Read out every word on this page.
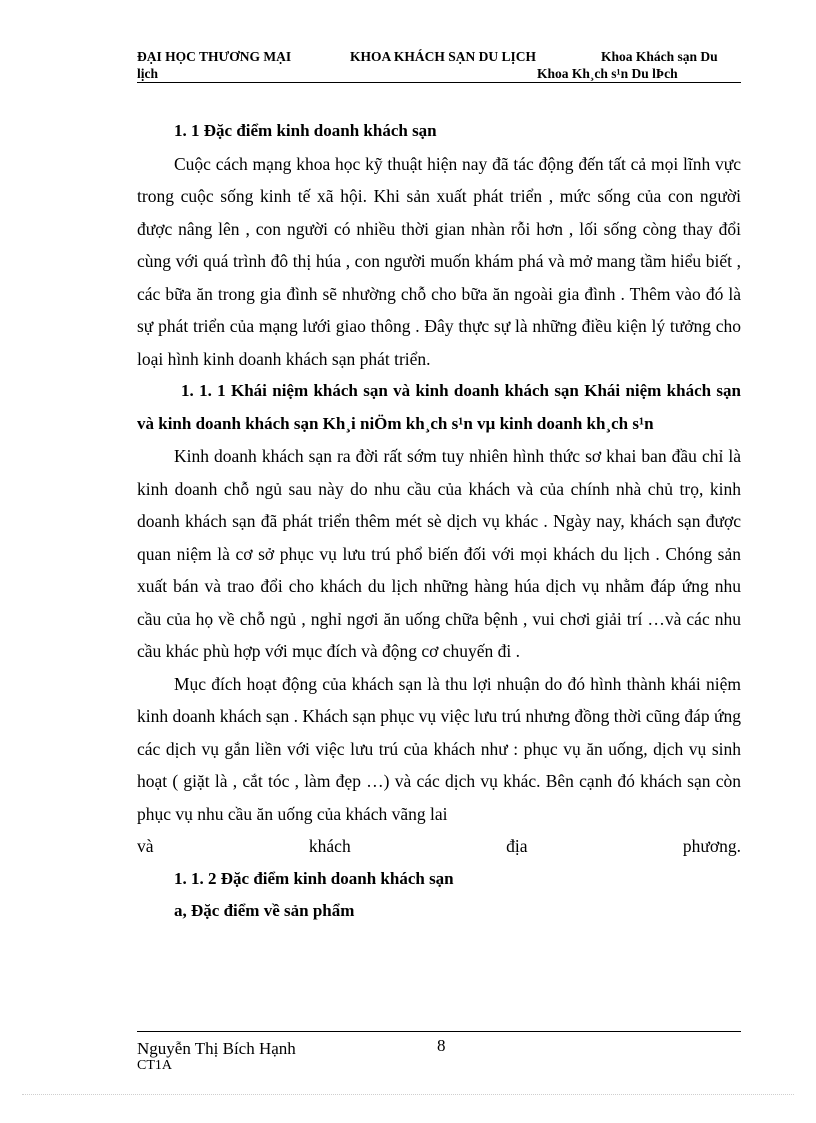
ĐẠI HỌC THƯƠNG MẠI	KHOA KHÁCH SẠN DU LỊCH	Khoa Khách sạn Du
lịch	Khoa Kh¸ch s¹n Du lÞch

1. 1 Đặc điểm kinh doanh khách sạn

Cuộc cách mạng khoa học kỹ thuật hiện nay đã tác động đến tất cả mọi lĩnh vực trong cuộc sống kinh tế xã hội. Khi sản xuất phát triển , mức sống của con người được nâng lên , con người có nhiều thời gian nhàn rỗi hơn , lối sống còng thay đổi cùng với quá trình đô thị húa , con người muốn khám phá và mở mang tầm hiểu biết , các bữa ăn trong gia đình sẽ nhường chỗ cho bữa ăn ngoài gia đình . Thêm vào đó là sự phát triển của mạng lưới giao thông . Đây thực sự là những điều kiện lý tưởng cho loại hình kinh doanh khách sạn phát triển.

1. 1. 1 Khái niệm khách sạn và kinh doanh khách sạn Khái niệm khách sạn và kinh doanh khách sạn Kh¸i niÖm kh¸ch s¹n vµ kinh doanh kh¸ch s¹n

Kinh doanh khách sạn ra đời rất sớm tuy nhiên hình thức sơ khai ban đầu chỉ là kinh doanh chỗ ngủ sau này do nhu cầu của khách và của chính nhà chủ trọ, kinh doanh khách sạn đã phát triển thêm mét sè dịch vụ khác . Ngày nay, khách sạn được quan niệm là cơ sở phục vụ lưu trú phổ biến đối với mọi khách du lịch . Chóng sản xuất bán và trao đổi cho khách du lịch những hàng húa dịch vụ nhằm đáp ứng nhu cầu của họ về chỗ ngủ , nghỉ ngơi ăn uống chữa bệnh , vui chơi giải trí …và các nhu cầu khác phù hợp với mục đích và động cơ chuyến đi .

Mục đích hoạt động của khách sạn là thu lợi nhuận do đó hình thành khái niệm kinh doanh khách sạn . Khách sạn phục vụ việc lưu trú nhưng đồng thời cũng đáp ứng các dịch vụ gắn liền với việc lưu trú của khách như : phục vụ ăn uống, dịch vụ sinh hoạt ( giặt là , cắt tóc , làm đẹp …) và các dịch vụ khác. Bên cạnh đó khách sạn còn phục vụ nhu cầu ăn uống của khách vãng lai

và	khách	địa	phương.

1. 1. 2 Đặc điểm kinh doanh khách sạn

a, Đặc điểm về sản phẩm

Nguyễn Thị Bích Hạnh
CT1A
8
